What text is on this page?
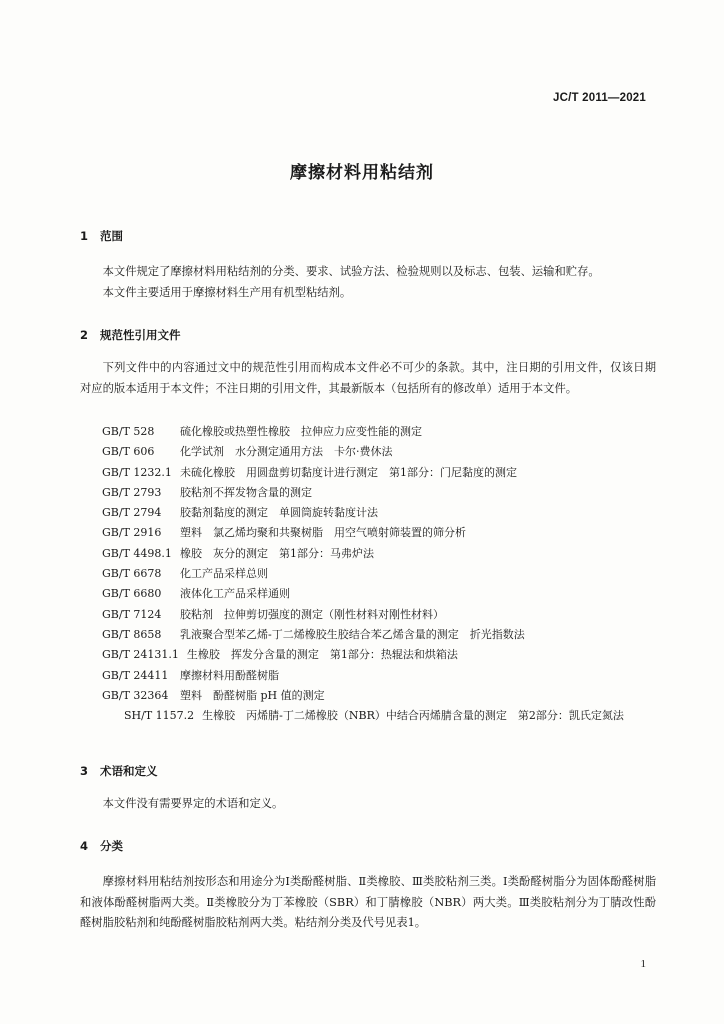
JC/T 2011—2021
摩擦材料用粘结剂
1 范围
本文件规定了摩擦材料用粘结剂的分类、要求、试验方法、检验规则以及标志、包装、运输和贮存。
本文件主要适用于摩擦材料生产用有机型粘结剂。
2 规范性引用文件
下列文件中的内容通过文中的规范性引用而构成本文件必不可少的条款。其中，注日期的引用文件，仅该日期对应的版本适用于本文件；不注日期的引用文件，其最新版本（包括所有的修改单）适用于本文件。
GB/T 528 硫化橡胶或热塑性橡胶　拉伸应力应变性能的测定
GB/T 606 化学试剂　水分测定通用方法　卡尔·费休法
GB/T 1232.1 未硫化橡胶　用圆盘剪切黏度计进行测定　第1部分：门尼黏度的测定
GB/T 2793 胶粘剂不挥发物含量的测定
GB/T 2794 胶黏剂黏度的测定　单圆筒旋转黏度计法
GB/T 2916 塑料　氯乙烯均聚和共聚树脂　用空气喷射筛装置的筛分析
GB/T 4498.1 橡胶　灰分的测定　第1部分：马弗炉法
GB/T 6678 化工产品采样总则
GB/T 6680 液体化工产品采样通则
GB/T 7124 胶粘剂　拉伸剪切强度的测定（刚性材料对刚性材料）
GB/T 8658 乳液聚合型苯乙烯-丁二烯橡胶生胶结合苯乙烯含量的测定　折光指数法
GB/T 24131.1 生橡胶　挥发分含量的测定　第1部分：热辊法和烘箱法
GB/T 24411 摩擦材料用酚醛树脂
GB/T 32364 塑料　酚醛树脂 pH 值的测定
SH/T 1157.2 生橡胶　丙烯腈-丁二烯橡胶（NBR）中结合丙烯腈含量的测定　第2部分：凯氏定氮法
3 术语和定义
本文件没有需要界定的术语和定义。
4 分类
摩擦材料用粘结剂按形态和用途分为Ⅰ类酚醛树脂、Ⅱ类橡胶、Ⅲ类胶粘剂三类。Ⅰ类酚醛树脂分为固体酚醛树脂和液体酚醛树脂两大类。Ⅱ类橡胶分为丁苯橡胶（SBR）和丁腈橡胶（NBR）两大类。Ⅲ类胶粘剂分为丁腈改性酚醛树脂胶粘剂和纯酚醛树脂胶粘剂两大类。粘结剂分类及代号见表1。
1
